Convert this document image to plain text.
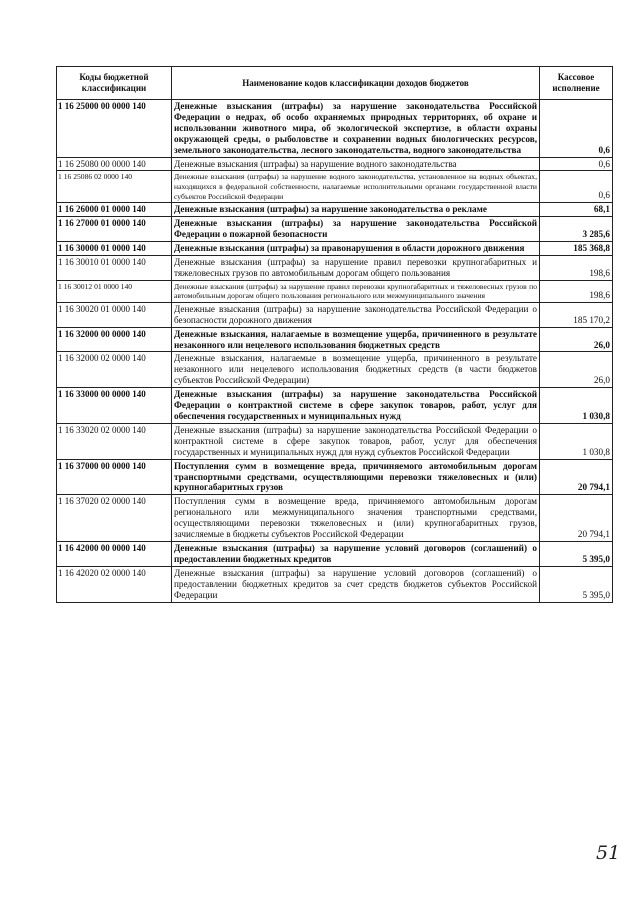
Коды бюджетной классификации	Наименование кодов классификации доходов бюджетов	Кассовое исполнение
1 16 25000 00 0000 140	Денежные взыскания (штрафы) за нарушение законодательства Российской Федерации о недрах, об особо охраняемых природных территориях, об охране и использовании животного мира, об экологической экспертизе, в области охраны окружающей среды, о рыболовстве и сохранении водных биологических ресурсов, земельного законодательства, лесного законодательства, водного законодательства	0,6
1 16 25080 00 0000 140	Денежные взыскания (штрафы) за нарушение водного законодательства	0,6
1 16 25086 02 0000 140	Денежные взыскания (штрафы) за нарушение водного законодательства, установленное на водных объектах, находящихся в федеральной собственности, налагаемые исполнительными органами государственной власти субъектов Российской Федерации	0,6
1 16 26000 01 0000 140	Денежные взыскания (штрафы) за нарушение законодательства о рекламе	68,1
1 16 27000 01 0000 140	Денежные взыскания (штрафы) за нарушение законодательства Российской Федерации о пожарной безопасности	3 285,6
1 16 30000 01 0000 140	Денежные взыскания (штрафы) за правонарушения в области дорожного движения	185 368,8
1 16 30010 01 0000 140	Денежные взыскания (штрафы) за нарушение правил перевозки крупногабаритных и тяжеловесных грузов по автомобильным дорогам общего пользования	198,6
1 16 30012 01 0000 140	Денежные взыскания (штрафы) за нарушение правил перевозки крупногабаритных и тяжеловесных грузов по автомобильным дорогам общего пользования регионального или межмуниципального значения	198,6
1 16 30020 01 0000 140	Денежные взыскания (штрафы) за нарушение законодательства Российской Федерации о безопасности дорожного движения	185 170,2
1 16 32000 00 0000 140	Денежные взыскания, налагаемые в возмещение ущерба, причиненного в результате незаконного или нецелевого использования бюджетных средств	26,0
1 16 32000 02 0000 140	Денежные взыскания, налагаемые в возмещение ущерба, причиненного в результате незаконного или нецелевого использования бюджетных средств (в части бюджетов субъектов Российской Федерации)	26,0
1 16 33000 00 0000 140	Денежные взыскания (штрафы) за нарушение законодательства Российской Федерации о контрактной системе в сфере закупок товаров, работ, услуг для обеспечения государственных и муниципальных нужд	1 030,8
1 16 33020 02 0000 140	Денежные взыскания (штрафы) за нарушение законодательства Российской Федерации о контрактной системе в сфере закупок товаров, работ, услуг для обеспечения государственных и муниципальных нужд для нужд субъектов Российской Федерации	1 030,8
1 16 37000 00 0000 140	Поступления сумм в возмещение вреда, причиняемого автомобильным дорогам транспортными средствами, осуществляющими перевозки тяжеловесных и (или) крупногабаритных грузов	20 794,1
1 16 37020 02 0000 140	Поступления сумм в возмещение вреда, причиняемого автомобильным дорогам регионального или межмуниципального значения транспортными средствами, осуществляющими перевозки тяжеловесных и (или) крупногабаритных грузов, зачисляемые в бюджеты субъектов Российской Федерации	20 794,1
1 16 42000 00 0000 140	Денежные взыскания (штрафы) за нарушение условий договоров (соглашений) о предоставлении бюджетных кредитов	5 395,0
1 16 42020 02 0000 140	Денежные взыскания (штрафы) за нарушение условий договоров (соглашений) о предоставлении бюджетных кредитов за счет средств бюджетов субъектов Российской Федерации	5 395,0
51
